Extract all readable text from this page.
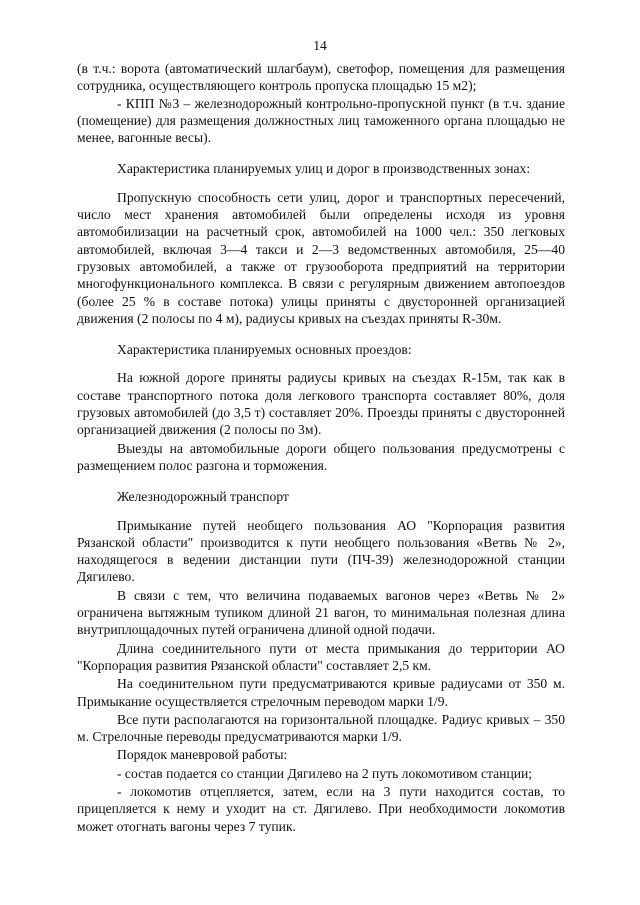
14

(в т.ч.: ворота (автоматический шлагбаум), светофор, помещения для размещения сотрудника, осуществляющего контроль пропуска площадью 15 м2);

- КПП №3 – железнодорожный контрольно-пропускной пункт (в т.ч. здание (помещение) для размещения должностных лиц таможенного органа площадью не менее, вагонные весы).

Характеристика планируемых улиц и дорог в производственных зонах:

Пропускную способность сети улиц, дорог и транспортных пересечений, число мест хранения автомобилей были определены исходя из уровня автомобилизации на расчетный срок, автомобилей на 1000 чел.: 350 легковых автомобилей, включая 3—4 такси и 2—3 ведомственных автомобиля, 25—40 грузовых автомобилей, а также от грузооборота предприятий на территории многофункционального комплекса. В связи с регулярным движением автопоездов (более 25 % в составе потока) улицы приняты с двусторонней организацией движения (2 полосы по 4 м), радиусы кривых на съездах приняты R-30м.

Характеристика планируемых основных проездов:

На южной дороге приняты радиусы кривых на съездах R-15м, так как в составе транспортного потока доля легкового транспорта составляет 80%, доля грузовых автомобилей (до 3,5 т) составляет 20%. Проезды приняты с двусторонней организацией движения (2 полосы по 3м).

Выезды на автомобильные дороги общего пользования предусмотрены с размещением полос разгона и торможения.

Железнодорожный транспорт

Примыкание путей необщего пользования АО "Корпорация развития Рязанской области" производится к пути необщего пользования «Ветвь № 2», находящегося в ведении дистанции пути (ПЧ-39) железнодорожной станции Дягилево.

В связи с тем, что величина подаваемых вагонов через «Ветвь № 2» ограничена вытяжным тупиком длиной 21 вагон, то минимальная полезная длина внутриплощадочных путей ограничена длиной одной подачи.

Длина соединительного пути от места примыкания до территории АО "Корпорация развития Рязанской области" составляет 2,5 км.

На соединительном пути предусматриваются кривые радиусами от 350 м. Примыкание осуществляется стрелочным переводом марки 1/9.

Все пути располагаются на горизонтальной площадке. Радиус кривых – 350 м. Стрелочные переводы предусматриваются марки 1/9.

Порядок маневровой работы:

- состав подается со станции Дягилево на 2 путь локомотивом станции;

- локомотив отцепляется, затем, если на 3 пути находится состав, то прицепляется к нему и уходит на ст. Дягилево. При необходимости локомотив может отогнать вагоны через 7 тупик.
